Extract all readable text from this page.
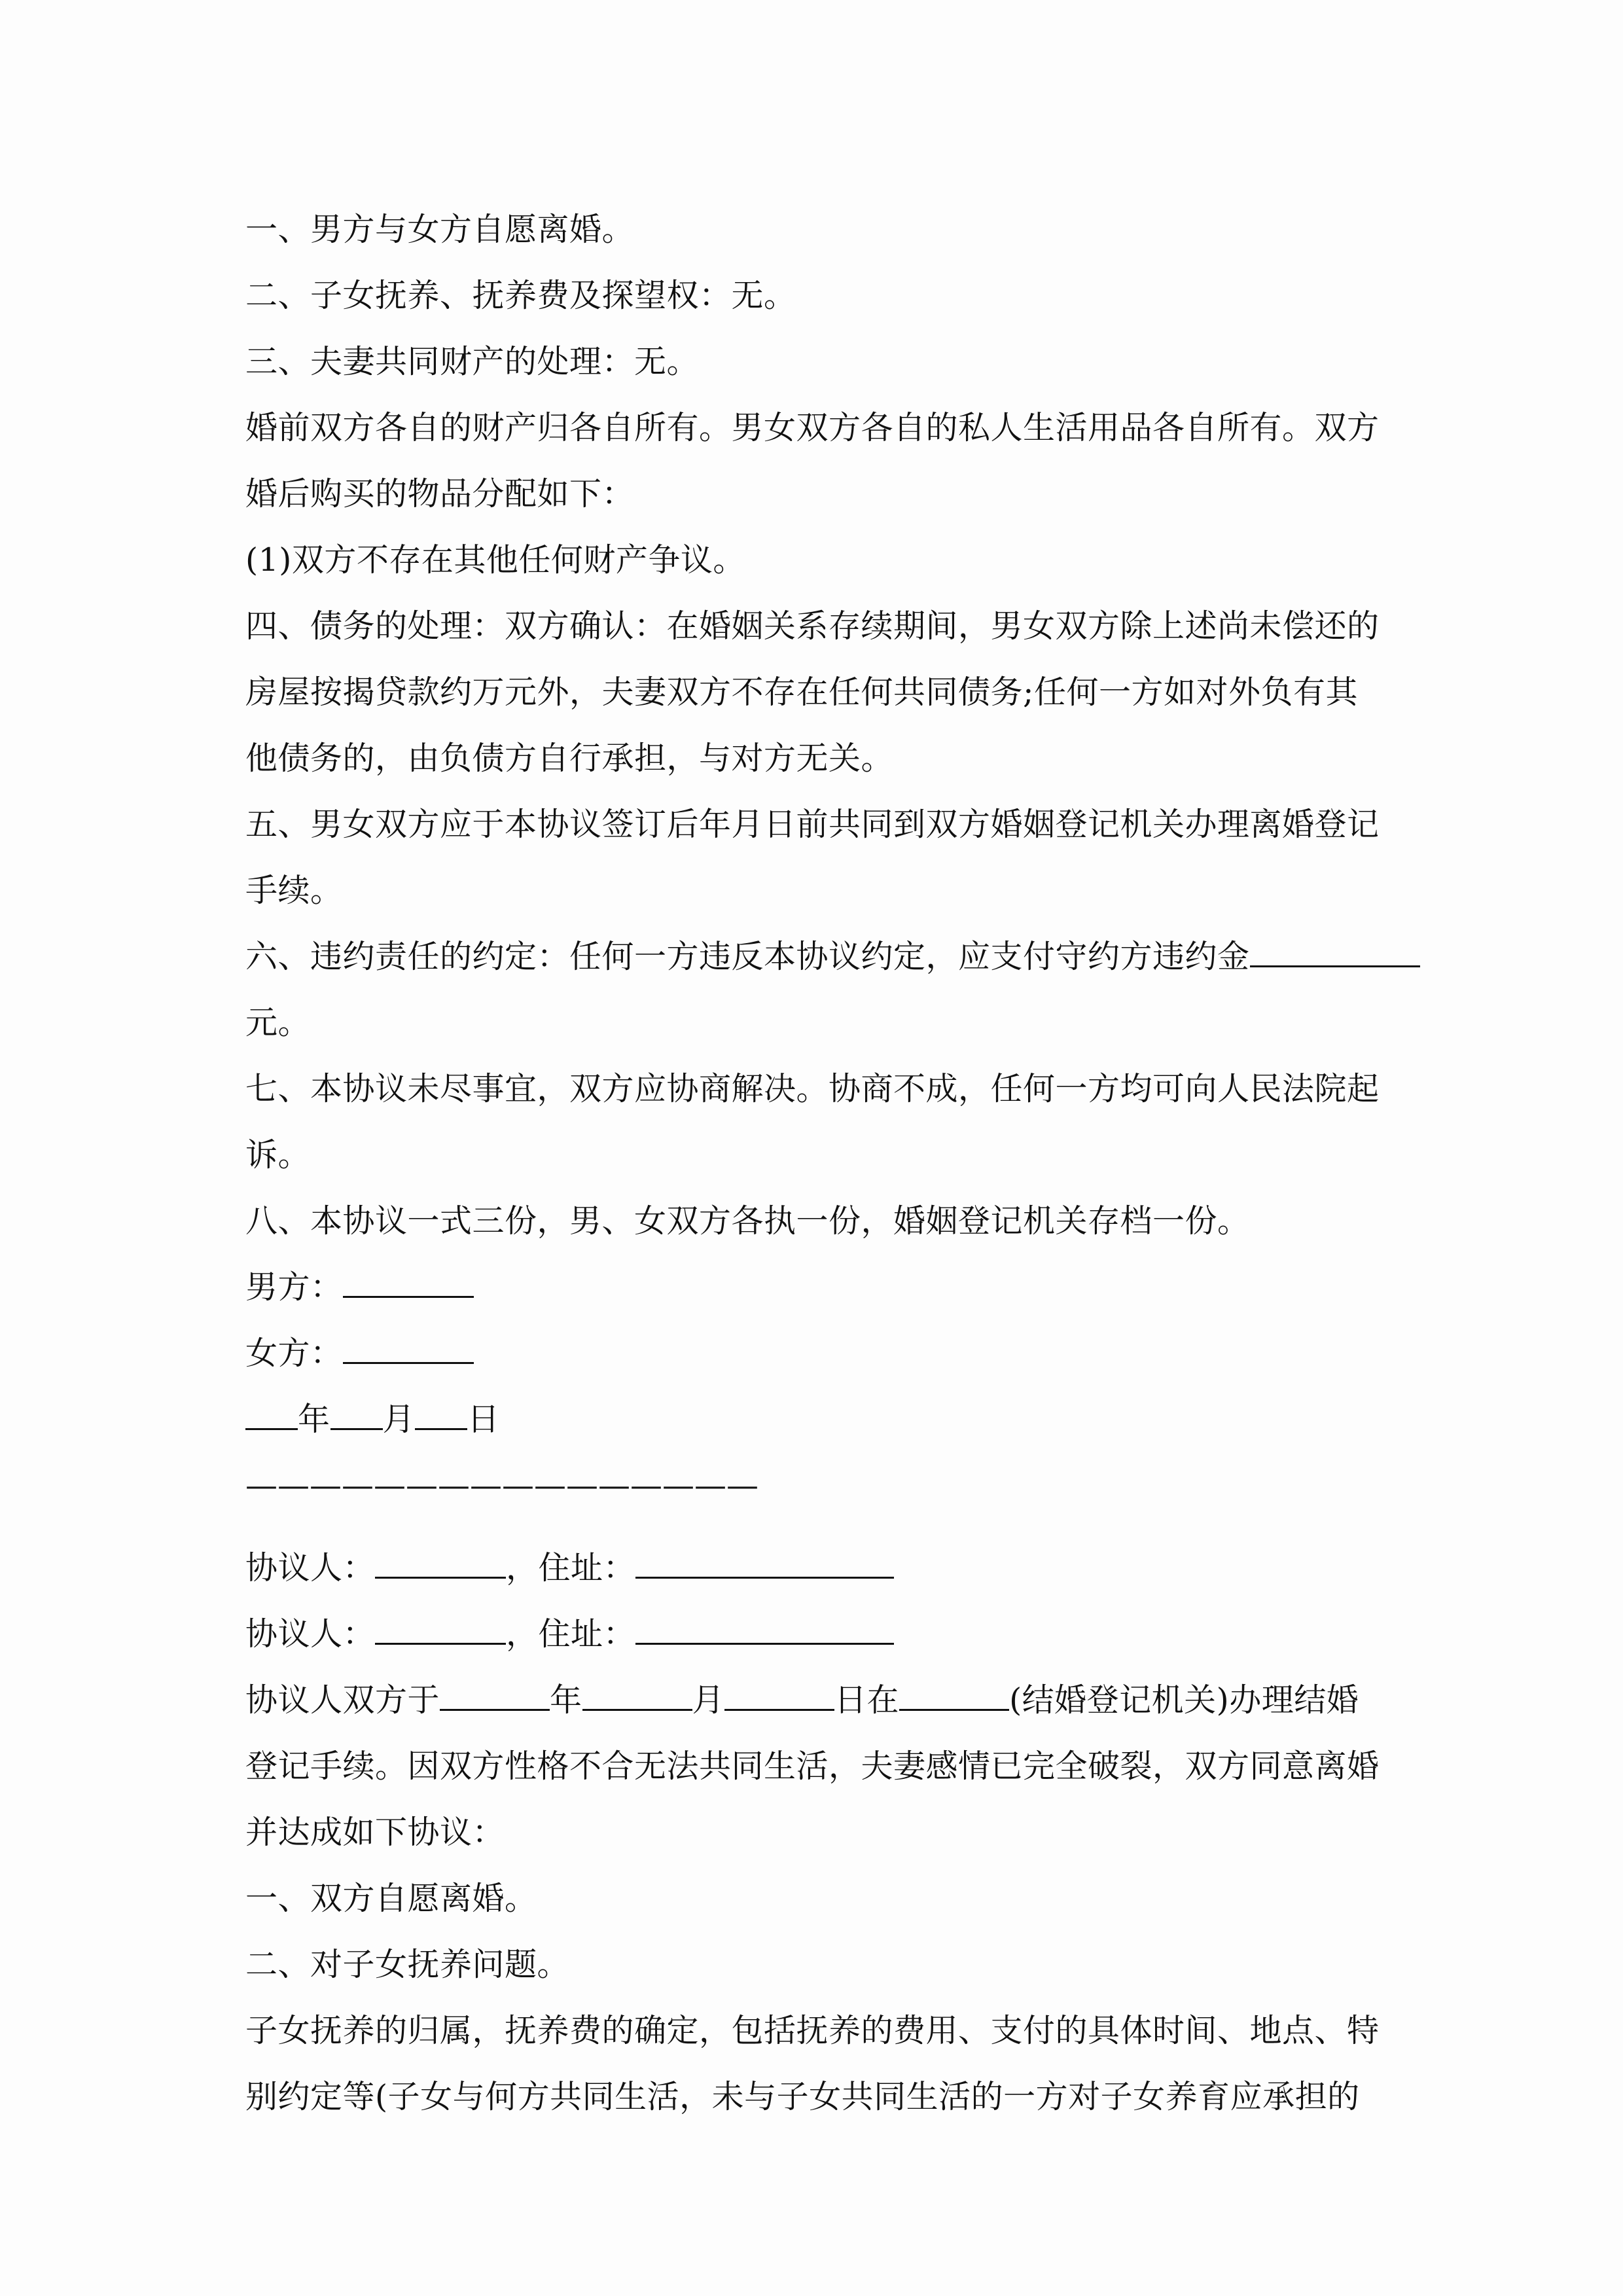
一、男方与女方自愿离婚。
二、子女抚养、抚养费及探望权：无。
三、夫妻共同财产的处理：无。
婚前双方各自的财产归各自所有。男女双方各自的私人生活用品各自所有。双方
婚后购买的物品分配如下：
(1)双方不存在其他任何财产争议。
四、债务的处理：双方确认：在婚姻关系存续期间，男女双方除上述尚未偿还的
房屋按揭贷款约万元外，夫妻双方不存在任何共同债务;任何一方如对外负有其
他债务的，由负债方自行承担，与对方无关。
五、男女双方应于本协议签订后年月日前共同到双方婚姻登记机关办理离婚登记
手续。
六、违约责任的约定：任何一方违反本协议约定，应支付守约方违约金
元。
七、本协议未尽事宜，双方应协商解决。协商不成，任何一方均可向人民法院起
诉。
八、本协议一式三份，男、女双方各执一份，婚姻登记机关存档一份。
男方：
女方：
年 月 日
————————————————
协议人：	，住址：
协议人：	，住址：
协议人双方于	年	月	日在	(结婚登记机关)办理结婚
登记手续。因双方性格不合无法共同生活，夫妻感情已完全破裂，双方同意离婚
并达成如下协议：
一、双方自愿离婚。
二、对子女抚养问题。
子女抚养的归属，抚养费的确定，包括抚养的费用、支付的具体时间、地点、特
别约定等(子女与何方共同生活，未与子女共同生活的一方对子女养育应承担的
